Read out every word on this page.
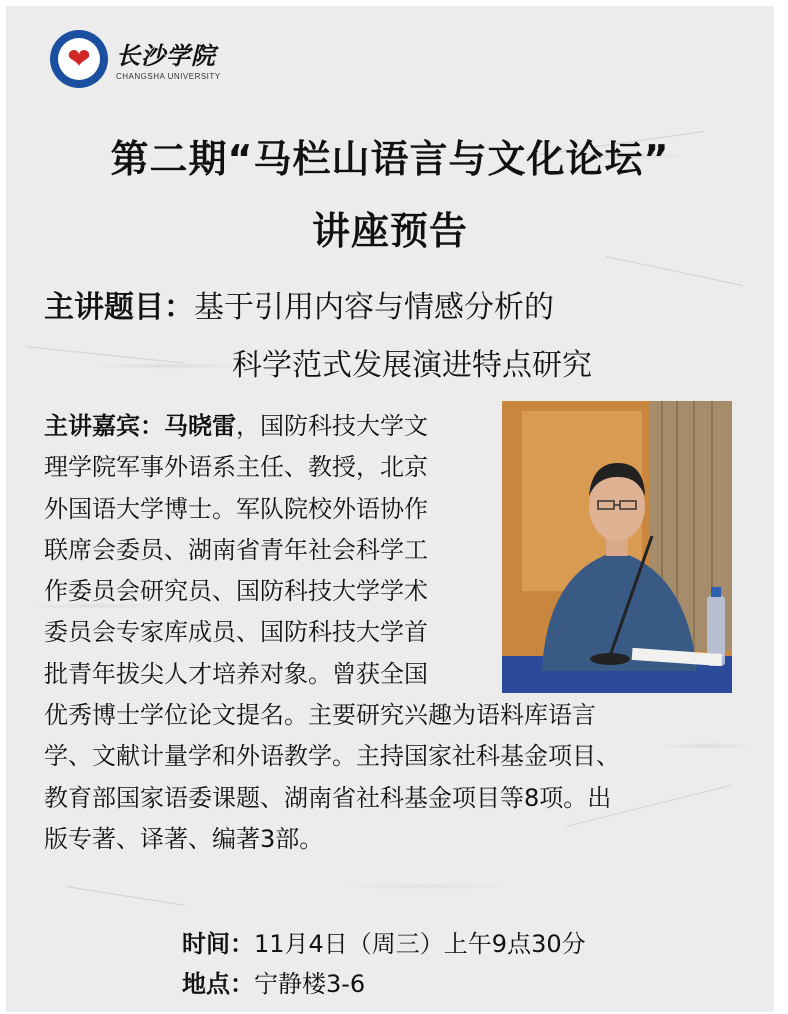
❤ 长沙学院
CHANGSHA UNIVERSITY
第二期“马栏山语言与文化论坛”
讲座预告
主讲题目：基于引用内容与情感分析的
科学范式发展演进特点研究
主讲嘉宾：马晓雷，国防科技大学文
理学院军事外语系主任、教授，北京
外国语大学博士。军队院校外语协作
联席会委员、湖南省青年社会科学工
作委员会研究员、国防科技大学学术
委员会专家库成员、国防科技大学首
批青年拔尖人才培养对象。曾获全国
优秀博士学位论文提名。主要研究兴趣为语料库语言
学、文献计量学和外语教学。主持国家社科基金项目、
教育部国家语委课题、湖南省社科基金项目等8项。出
版专著、译著、编著3部。
时间：11月4日（周三）上午9点30分
地点：宁静楼3-6
